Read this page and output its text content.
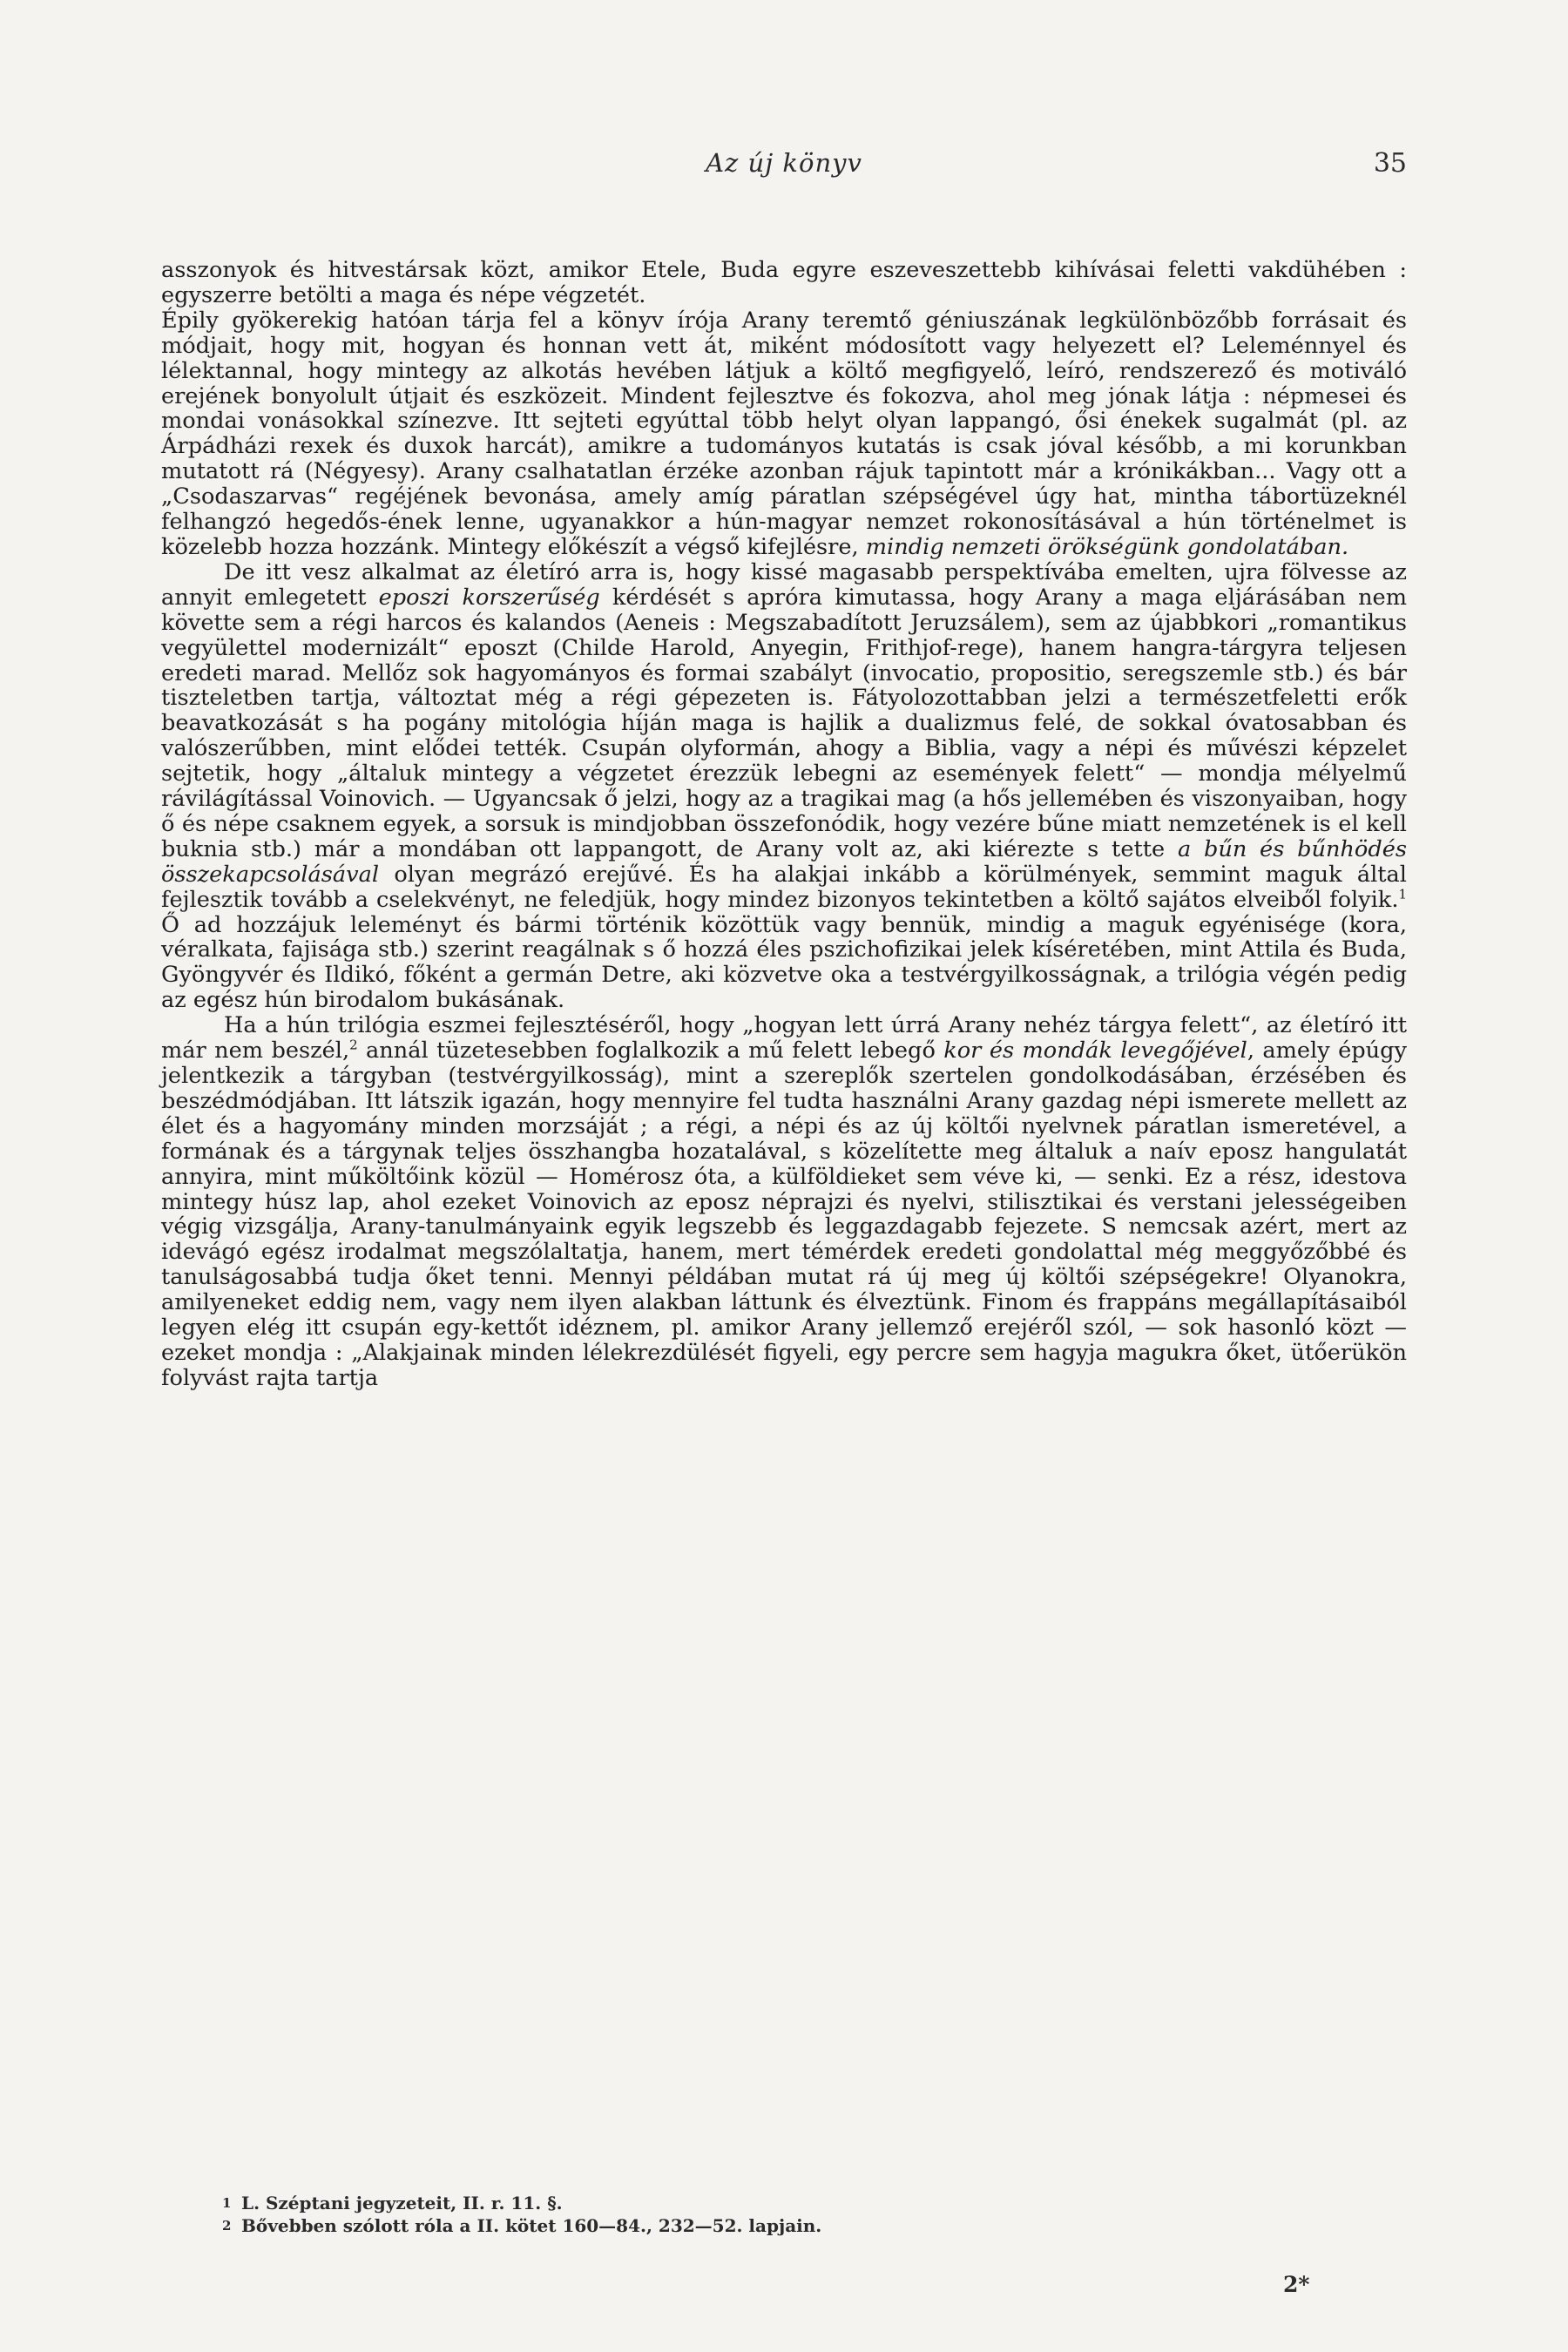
Az új könyv	35

asszonyok és hitvestársak közt, amikor Etele, Buda egyre eszeveszettebb kihívásai feletti vakdühében : egyszerre betölti a maga és népe végzetét.

Épily gyökerekig hatóan tárja fel a könyv írója Arany teremtő géniuszának legkülönbözőbb forrásait és módjait, hogy mit, hogyan és honnan vett át, miként módosított vagy helyezett el? Leleménnyel és lélektannal, hogy mintegy az alkotás hevében látjuk a költő megfigyelő, leíró, rendszerező és motiváló erejének bonyolult útjait és eszközeit. Mindent fejlesztve és fokozva, ahol meg jónak látja : népmesei és mondai vonásokkal színezve. Itt sejteti egyúttal több helyt olyan lappangó, ősi énekek sugalmát (pl. az Árpádházi rexek és duxok harcát), amikre a tudományos kutatás is csak jóval később, a mi korunkban mutatott rá (Négyesy). Arany csalhatatlan érzéke azonban rájuk tapintott már a krónikákban... Vagy ott a „Csodaszarvas“ regéjének bevonása, amely amíg páratlan szépségével úgy hat, mintha tábortüzeknél felhangzó hegedős-ének lenne, ugyanakkor a hún-magyar nemzet rokonosításával a hún történelmet is közelebb hozza hozzánk. Mintegy előkészít a végső kifejlésre, mindig nemzeti örökségünk gondolatában.

De itt vesz alkalmat az életíró arra is, hogy kissé magasabb perspektívába emelten, ujra fölvesse az annyit emlegetett eposzi korszerűség kérdését s apróra kimutassa, hogy Arany a maga eljárásában nem követte sem a régi harcos és kalandos (Aeneis : Megszabadított Jeruzsálem), sem az újabbkori „romantikus vegyülettel modernizált“ eposzt (Childe Harold, Anyegin, Frithjof-rege), hanem hangra-tárgyra teljesen eredeti marad. Mellőz sok hagyományos és formai szabályt (invocatio, propositio, seregszemle stb.) és bár tiszteletben tartja, változtat még a régi gépezeten is. Fátyolozottabban jelzi a természetfeletti erők beavatkozását s ha pogány mitológia híján maga is hajlik a dualizmus felé, de sokkal óvatosabban és valószerűbben, mint elődei tették. Csupán olyformán, ahogy a Biblia, vagy a népi és művészi képzelet sejtetik, hogy „általuk mintegy a végzetet érezzük lebegni az események felett“ — mondja mélyelmű rávilágítással Voinovich. — Ugyancsak ő jelzi, hogy az a tragikai mag (a hős jellemében és viszonyaiban, hogy ő és népe csaknem egyek, a sorsuk is mindjobban összefonódik, hogy vezére bűne miatt nemzetének is el kell buknia stb.) már a mondában ott lappangott, de Arany volt az, aki kiérezte s tette a bűn és bűnhödés összekapcsolásával olyan megrázó erejűvé. És ha alakjai inkább a körülmények, semmint maguk által fejlesztik tovább a cselekvényt, ne feledjük, hogy mindez bizonyos tekintetben a költő sajátos elveiből folyik.$^1$ Ő ad hozzájuk leleményt és bármi történik közöttük vagy bennük, mindig a maguk egyénisége (kora, véralkata, fajisága stb.) szerint reagálnak s ő hozzá éles pszichofizikai jelek kíséretében, mint Attila és Buda, Gyöngyvér és Ildikó, főként a germán Detre, aki közvetve oka a testvérgyilkosságnak, a trilógia végén pedig az egész hún birodalom bukásának.

Ha a hún trilógia eszmei fejlesztéséről, hogy „hogyan lett úrrá Arany nehéz tárgya felett“, az életíró itt már nem beszél,$^2$ annál tüzetesebben foglalkozik a mű felett lebegő kor és mondák levegőjével, amely épúgy jelentkezik a tárgyban (testvérgyilkosság), mint a szereplők szertelen gondolkodásában, érzésében és beszédmódjában. Itt látszik igazán, hogy mennyire fel tudta használni Arany gazdag népi ismerete mellett az élet és a hagyomány minden morzsáját ; a régi, a népi és az új költői nyelvnek páratlan ismeretével, a formának és a tárgynak teljes összhangba hozatalával, s közelítette meg általuk a naív eposz hangulatát annyira, mint műköltőink közül — Homérosz óta, a külföldieket sem véve ki, — senki. Ez a rész, idestova mintegy húsz lap, ahol ezeket Voinovich az eposz néprajzi és nyelvi, stilisztikai és verstani jelességeiben végig vizsgálja, Arany-tanulmányaink egyik legszebb és leggazdagabb fejezete. S nemcsak azért, mert az idevágó egész irodalmat megszólaltatja, hanem, mert témérdek eredeti gondolattal még meggyőzőbbé és tanulságosabbá tudja őket tenni. Mennyi példában mutat rá új meg új költői szépségekre! Olyanokra, amilyeneket eddig nem, vagy nem ilyen alakban láttunk és élveztünk. Finom és frappáns megállapításaiból legyen elég itt csupán egy-kettőt idéznem, pl. amikor Arany jellemző erejéről szól, — sok hasonló közt — ezeket mondja : „Alakjainak minden lélekrezdülését figyeli, egy percre sem hagyja magukra őket, ütőerükön folyvást rajta tartja

1 L. Széptani jegyzeteit, II. r. 11. §.
2 Bővebben szólott róla a II. kötet 160—84., 232—52. lapjain.
2*
